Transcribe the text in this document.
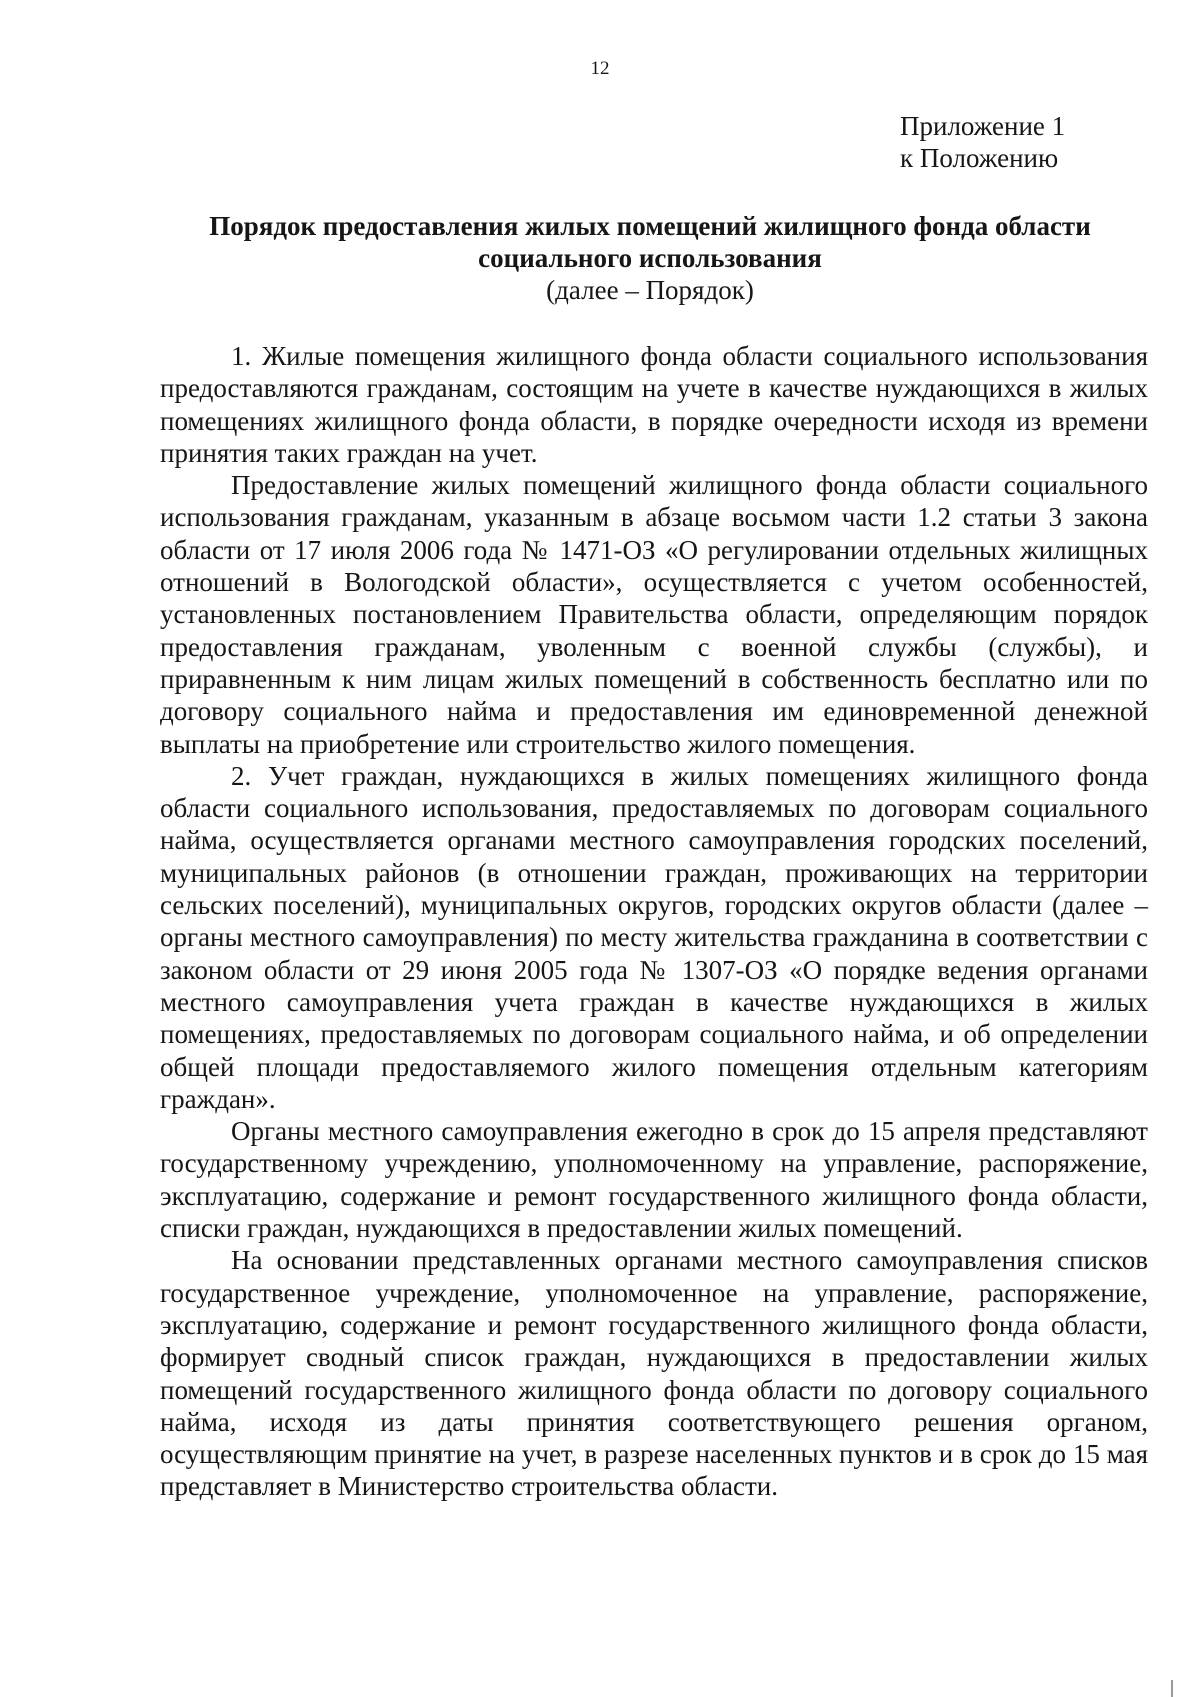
12
Приложение 1
к Положению
Порядок предоставления жилых помещений жилищного фонда области
социального использования
(далее – Порядок)

1. Жилые помещения жилищного фонда области социального использования предоставляются гражданам, состоящим на учете в качестве нуждающихся в жилых помещениях жилищного фонда области, в порядке очередности исходя из времени принятия таких граждан на учет.

Предоставление жилых помещений жилищного фонда области социального использования гражданам, указанным в абзаце восьмом части 1.2 статьи 3 закона области от 17 июля 2006 года № 1471-ОЗ «О регулировании отдельных жилищных отношений в Вологодской области», осуществляется с учетом особенностей, установленных постановлением Правительства области, определяющим порядок предоставления гражданам, уволенным с военной службы (службы), и приравненным к ним лицам жилых помещений в собственность бесплатно или по договору социального найма и предоставления им единовременной денежной выплаты на приобретение или строительство жилого помещения.

2. Учет граждан, нуждающихся в жилых помещениях жилищного фонда области социального использования, предоставляемых по договорам социального найма, осуществляется органами местного самоуправления городских поселений, муниципальных районов (в отношении граждан, проживающих на территории сельских поселений), муниципальных округов, городских округов области (далее – органы местного самоуправления) по месту жительства гражданина в соответствии с законом области от 29 июня 2005 года № 1307-ОЗ «О порядке ведения органами местного самоуправления учета граждан в качестве нуждающихся в жилых помещениях, предоставляемых по договорам социального найма, и об определении общей площади предоставляемого жилого помещения отдельным категориям граждан».

Органы местного самоуправления ежегодно в срок до 15 апреля представляют государственному учреждению, уполномоченному на управление, распоряжение, эксплуатацию, содержание и ремонт государственного жилищного фонда области, списки граждан, нуждающихся в предоставлении жилых помещений.

На основании представленных органами местного самоуправления списков государственное учреждение, уполномоченное на управление, распоряжение, эксплуатацию, содержание и ремонт государственного жилищного фонда области, формирует сводный список граждан, нуждающихся в предоставлении жилых помещений государственного жилищного фонда области по договору социального найма, исходя из даты принятия соответствующего решения органом, осуществляющим принятие на учет, в разрезе населенных пунктов и в срок до 15 мая представляет в Министерство строительства области.
